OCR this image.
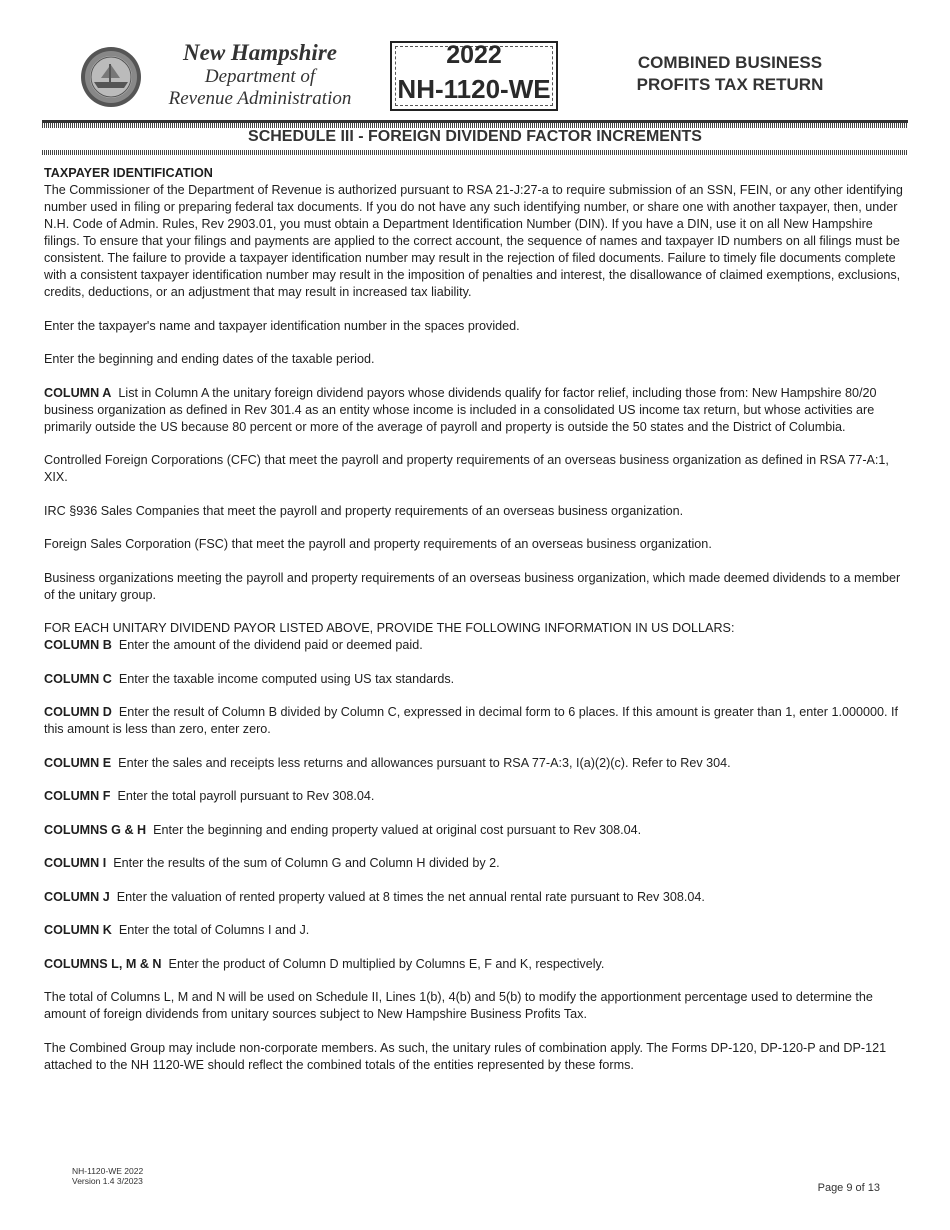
New Hampshire
Department of
Revenue Administration
2022
NH-1120-WE
COMBINED BUSINESS
PROFITS TAX RETURN
SCHEDULE III - FOREIGN DIVIDEND FACTOR INCREMENTS
TAXPAYER IDENTIFICATION

The Commissioner of the Department of Revenue is authorized pursuant to RSA 21-J:27-a to require submission of an SSN, FEIN, or any other identifying number used in filing or preparing federal tax documents. If you do not have any such identifying number, or share one with another taxpayer, then, under N.H. Code of Admin. Rules, Rev 2903.01, you must obtain a Department Identification Number (DIN). If you have a DIN, use it on all New Hampshire filings. To ensure that your filings and payments are applied to the correct account, the sequence of names and taxpayer ID numbers on all filings must be consistent. The failure to provide a taxpayer identification number may result in the rejection of filed documents. Failure to timely file documents complete with a consistent taxpayer identification number may result in the imposition of penalties and interest, the disallowance of claimed exemptions, exclusions, credits, deductions, or an adjustment that may result in increased tax liability.

Enter the taxpayer's name and taxpayer identification number in the spaces provided.

Enter the beginning and ending dates of the taxable period.

COLUMN A List in Column A the unitary foreign dividend payors whose dividends qualify for factor relief, including those from: New Hampshire 80/20 business organization as defined in Rev 301.4 as an entity whose income is included in a consolidated US income tax return, but whose activities are primarily outside the US because 80 percent or more of the average of payroll and property is outside the 50 states and the District of Columbia.

Controlled Foreign Corporations (CFC) that meet the payroll and property requirements of an overseas business organization as defined in RSA 77-A:1, XIX.

IRC §936 Sales Companies that meet the payroll and property requirements of an overseas business organization.

Foreign Sales Corporation (FSC) that meet the payroll and property requirements of an overseas business organization.

Business organizations meeting the payroll and property requirements of an overseas business organization, which made deemed dividends to a member of the unitary group.

FOR EACH UNITARY DIVIDEND PAYOR LISTED ABOVE, PROVIDE THE FOLLOWING INFORMATION IN US DOLLARS:

COLUMN B Enter the amount of the dividend paid or deemed paid.

COLUMN C Enter the taxable income computed using US tax standards.

COLUMN D Enter the result of Column B divided by Column C, expressed in decimal form to 6 places. If this amount is greater than 1, enter 1.000000. If this amount is less than zero, enter zero.

COLUMN E Enter the sales and receipts less returns and allowances pursuant to RSA 77-A:3, I(a)(2)(c). Refer to Rev 304.

COLUMN F Enter the total payroll pursuant to Rev 308.04.

COLUMNS G & H Enter the beginning and ending property valued at original cost pursuant to Rev 308.04.

COLUMN I Enter the results of the sum of Column G and Column H divided by 2.

COLUMN J Enter the valuation of rented property valued at 8 times the net annual rental rate pursuant to Rev 308.04.

COLUMN K Enter the total of Columns I and J.

COLUMNS L, M & N Enter the product of Column D multiplied by Columns E, F and K, respectively.

The total of Columns L, M and N will be used on Schedule II, Lines 1(b), 4(b) and 5(b) to modify the apportionment percentage used to determine the amount of foreign dividends from unitary sources subject to New Hampshire Business Profits Tax.

The Combined Group may include non-corporate members. As such, the unitary rules of combination apply. The Forms DP-120, DP-120-P and DP-121 attached to the NH 1120-WE should reflect the combined totals of the entities represented by these forms.

NH-1120-WE 2022
Version 1.4 3/2023
Page 9 of 13
